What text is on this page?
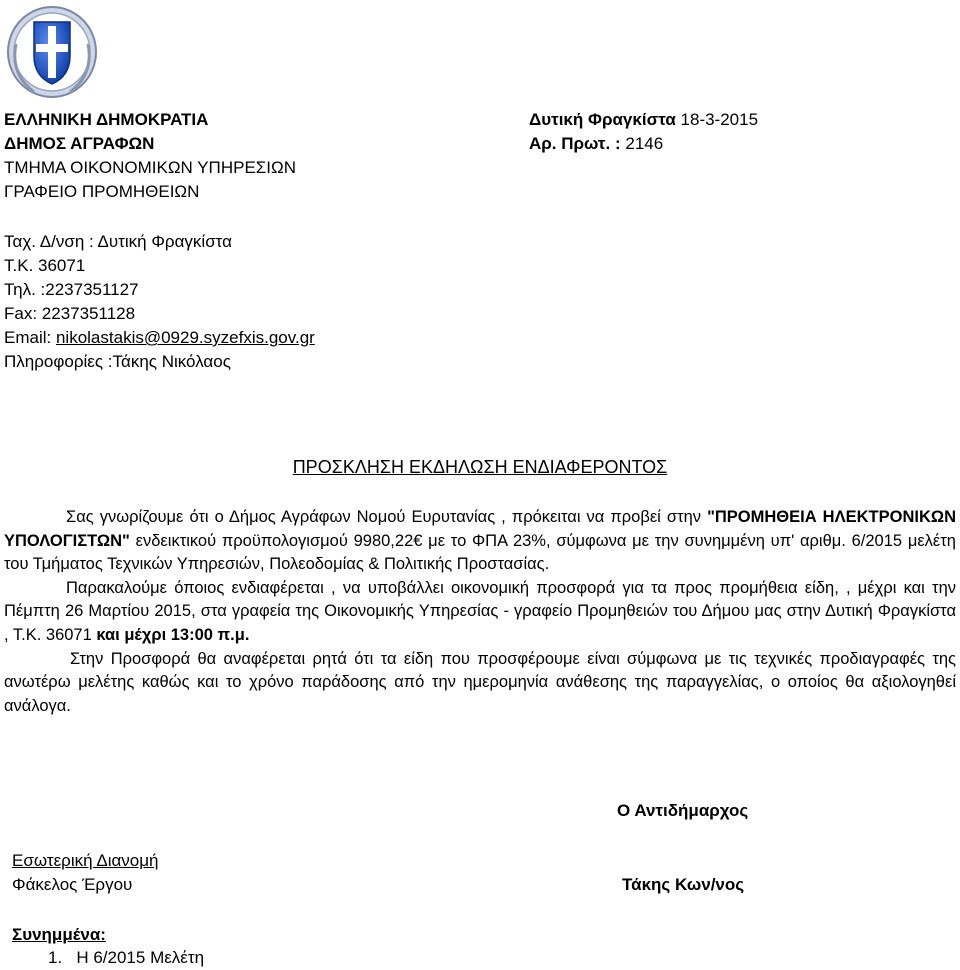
ΕΛΛΗΝΙΚΗ ΔΗΜΟΚΡΑΤΙΑ
ΔΗΜΟΣ ΑΓΡΑΦΩΝ
ΤΜΗΜΑ ΟΙΚΟΝΟΜΙΚΩΝ ΥΠΗΡΕΣΙΩΝ
ΓΡΑΦΕΙΟ ΠΡΟΜΗΘΕΙΩΝ
Δυτική Φραγκίστα 18-3-2015
Αρ. Πρωτ. : 2146
Ταχ. Δ/νση : Δυτική Φραγκίστα
Τ.Κ. 36071
Τηλ. :2237351127
Fax: 2237351128
Email: nikolastakis@0929.syzefxis.gov.gr
Πληροφορίες :Τάκης Νικόλαος
ΠΡΟΣΚΛΗΣΗ ΕΚΔΗΛΩΣΗ ΕΝΔΙΑΦΕΡΟΝΤΟΣ

Σας γνωρίζουμε ότι ο Δήμος Αγράφων Νομού Ευρυτανίας , πρόκειται να προβεί στην "ΠΡΟΜΗΘΕΙΑ ΗΛΕΚΤΡΟΝΙΚΩΝ ΥΠΟΛΟΓΙΣΤΩΝ" ενδεικτικού προϋπολογισμού 9980,22€ με το ΦΠΑ 23%, σύμφωνα με την συνημμένη υπ' αριθμ. 6/2015 μελέτη του Τμήματος Τεχνικών Υπηρεσιών, Πολεοδομίας & Πολιτικής Προστασίας.

Παρακαλούμε όποιος ενδιαφέρεται , να υποβάλλει οικονομική προσφορά για τα προς προμήθεια είδη, , μέχρι και την Πέμπτη 26 Μαρτίου 2015, στα γραφεία της Οικονομικής Υπηρεσίας - γραφείο Προμηθειών του Δήμου μας στην Δυτική Φραγκίστα , Τ.Κ. 36071 και μέχρι 13:00 π.μ.

Στην Προσφορά θα αναφέρεται ρητά ότι τα είδη που προσφέρουμε είναι σύμφωνα με τις τεχνικές προδιαγραφές της ανωτέρω μελέτης καθώς και το χρόνο παράδοσης από την ημερομηνία ανάθεσης της παραγγελίας, ο οποίος θα αξιολογηθεί ανάλογα.

Ο Αντιδήμαρχος
Τάκης Κων/νος
Εσωτερική Διανομή
Φάκελος Έργου
Συνημμένα:
1.   Η 6/2015 Μελέτη
